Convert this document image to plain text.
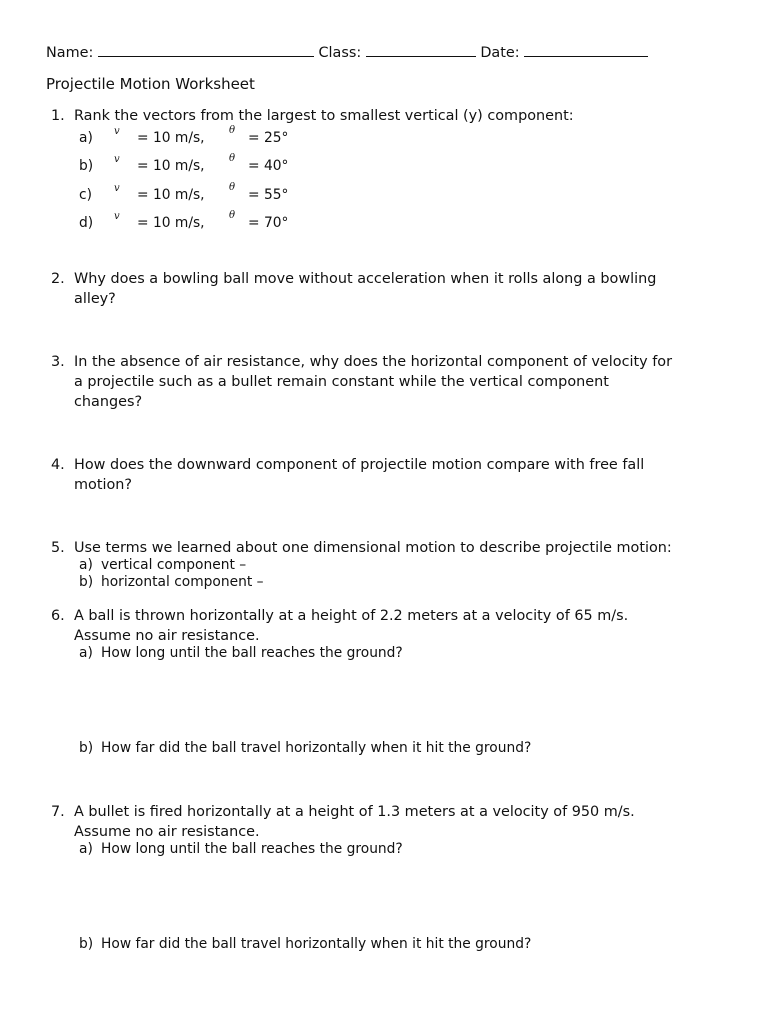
Name:	Class:	Date:
Projectile Motion Worksheet
1. Rank the vectors from the largest to smallest vertical (y) component:
a) v = 10 m/s, θ = 25°
b) v = 10 m/s, θ = 40°
c) v = 10 m/s, θ = 55°
d) v = 10 m/s, θ = 70°
2. Why does a bowling ball move without acceleration when it rolls along a bowling
alley?
3. In the absence of air resistance, why does the horizontal component of velocity for
a projectile such as a bullet remain constant while the vertical component
changes?
4. How does the downward component of projectile motion compare with free fall
motion?
5. Use terms we learned about one dimensional motion to describe projectile motion:
a) vertical component –
b) horizontal component –
6. A ball is thrown horizontally at a height of 2.2 meters at a velocity of 65 m/s.
Assume no air resistance.
a) How long until the ball reaches the ground?
b) How far did the ball travel horizontally when it hit the ground?
7. A bullet is fired horizontally at a height of 1.3 meters at a velocity of 950 m/s.
Assume no air resistance.
a) How long until the ball reaches the ground?
b) How far did the ball travel horizontally when it hit the ground?
